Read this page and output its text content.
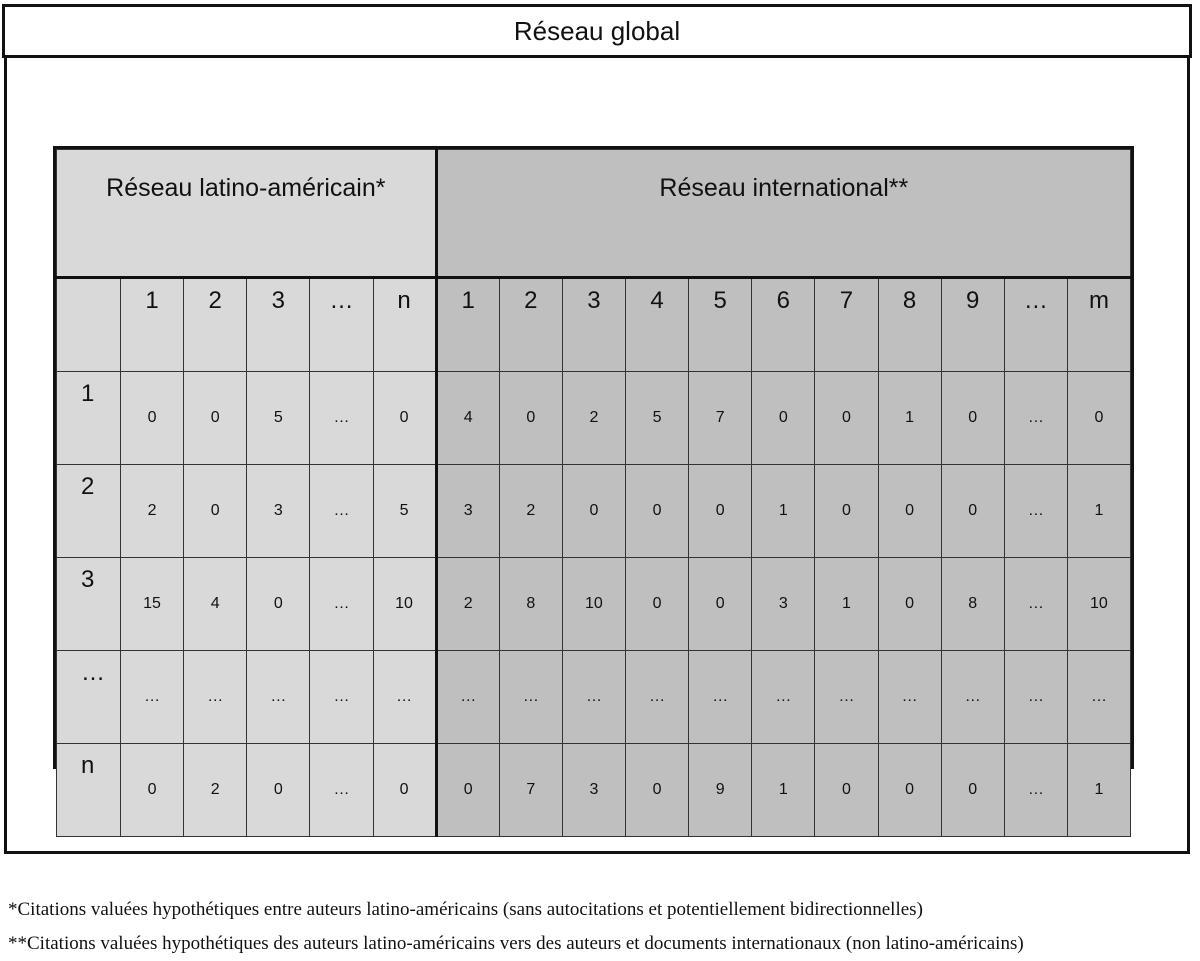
Réseau global
Réseau latino-américain*						Réseau international**										
	1	2	3	…	n	1	2	3	4	5	6	7	8	9	…	m
1	0	0	5	…	0	4	0	2	5	7	0	0	1	0	…	0
2	2	0	3	…	5	3	2	0	0	0	1	0	0	0	…	1
3	15	4	0	…	10	2	8	10	0	0	3	1	0	8	…	10
…	…	…	…	…	…	…	…	…	…	…	…	…	…	…	…	…
n	0	2	0	…	0	0	7	3	0	9	1	0	0	0	…	1
*Citations valuées hypothétiques entre auteurs latino-américains (sans autocitations et potentiellement bidirectionnelles)
**Citations valuées hypothétiques des auteurs latino-américains vers des auteurs et documents internationaux (non latino-américains)
